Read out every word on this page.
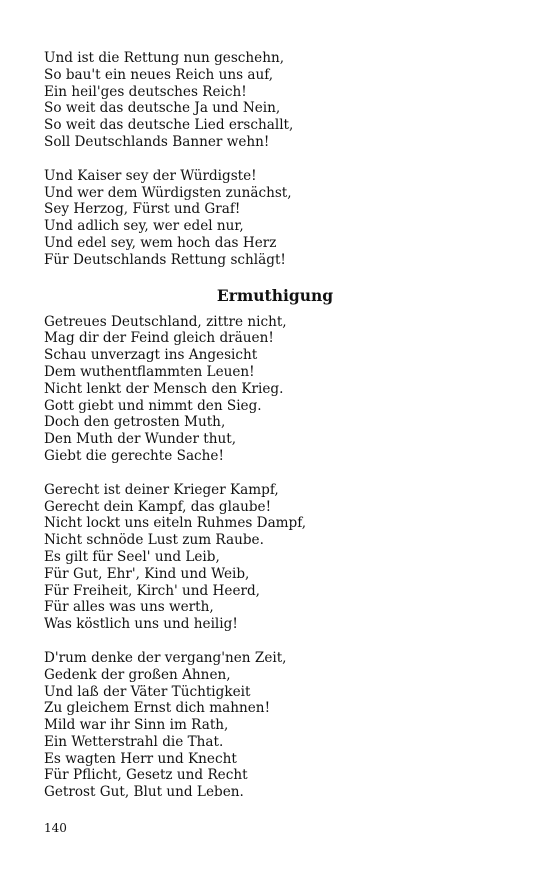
Und ist die Rettung nun geschehn,
So bau't ein neues Reich uns auf,
Ein heil'ges deutsches Reich!
So weit das deutsche Ja und Nein,
So weit das deutsche Lied erschallt,
Soll Deutschlands Banner wehn!
Und Kaiser sey der Würdigste!
Und wer dem Würdigsten zunächst,
Sey Herzog, Fürst und Graf!
Und adlich sey, wer edel nur,
Und edel sey, wem hoch das Herz
Für Deutschlands Rettung schlägt!
Ermuthigung
Getreues Deutschland, zittre nicht,
Mag dir der Feind gleich dräuen!
Schau unverzagt ins Angesicht
Dem wuthentflammten Leuen!
Nicht lenkt der Mensch den Krieg.
Gott giebt und nimmt den Sieg.
Doch den getrosten Muth,
Den Muth der Wunder thut,
Giebt die gerechte Sache!
Gerecht ist deiner Krieger Kampf,
Gerecht dein Kampf, das glaube!
Nicht lockt uns eiteln Ruhmes Dampf,
Nicht schnöde Lust zum Raube.
Es gilt für Seel' und Leib,
Für Gut, Ehr', Kind und Weib,
Für Freiheit, Kirch' und Heerd,
Für alles was uns werth,
Was köstlich uns und heilig!
D'rum denke der vergang'nen Zeit,
Gedenk der großen Ahnen,
Und laß der Väter Tüchtigkeit
Zu gleichem Ernst dich mahnen!
Mild war ihr Sinn im Rath,
Ein Wetterstrahl die That.
Es wagten Herr und Knecht
Für Pflicht, Gesetz und Recht
Getrost Gut, Blut und Leben.
140
